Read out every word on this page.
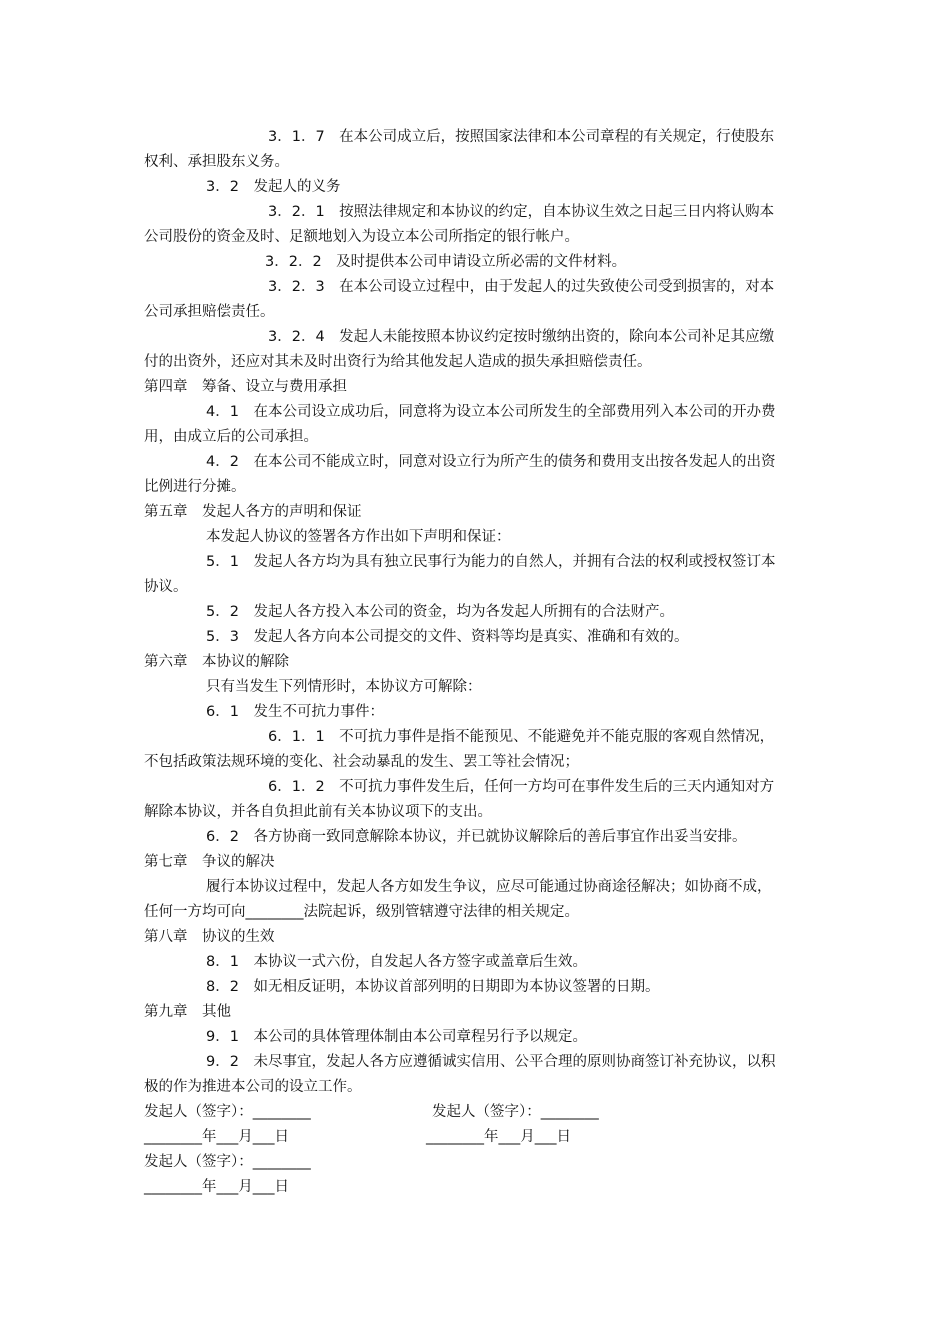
3．1．7　在本公司成立后，按照国家法律和本公司章程的有关规定，行使股东
权利、承担股东义务。
3．2　发起人的义务
3．2．1　按照法律规定和本协议的约定，自本协议生效之日起三日内将认购本
公司股份的资金及时、足额地划入为设立本公司所指定的银行帐户。
3．2．2　及时提供本公司申请设立所必需的文件材料。
3．2．3　在本公司设立过程中，由于发起人的过失致使公司受到损害的，对本
公司承担赔偿责任。
3．2．4　发起人未能按照本协议约定按时缴纳出资的，除向本公司补足其应缴
付的出资外，还应对其未及时出资行为给其他发起人造成的损失承担赔偿责任。
第四章　筹备、设立与费用承担
4．1　在本公司设立成功后，同意将为设立本公司所发生的全部费用列入本公司的开办费
用，由成立后的公司承担。
4．2　在本公司不能成立时，同意对设立行为所产生的债务和费用支出按各发起人的出资
比例进行分摊。
第五章　发起人各方的声明和保证
本发起人协议的签署各方作出如下声明和保证：
5．1　发起人各方均为具有独立民事行为能力的自然人，并拥有合法的权利或授权签订本
协议。
5．2　发起人各方投入本公司的资金，均为各发起人所拥有的合法财产。
5．3　发起人各方向本公司提交的文件、资料等均是真实、准确和有效的。
第六章　本协议的解除
只有当发生下列情形时，本协议方可解除：
6．1　发生不可抗力事件：
6．1．1　不可抗力事件是指不能预见、不能避免并不能克服的客观自然情况，
不包括政策法规环境的变化、社会动暴乱的发生、罢工等社会情况；
6．1．2　不可抗力事件发生后，任何一方均可在事件发生后的三天内通知对方
解除本协议，并各自负担此前有关本协议项下的支出。
6．2　各方协商一致同意解除本协议，并已就协议解除后的善后事宜作出妥当安排。
第七章　争议的解决
履行本协议过程中，发起人各方如发生争议，应尽可能通过协商途径解决；如协商不成，
任何一方均可向________法院起诉，级别管辖遵守法律的相关规定。
第八章　协议的生效
8．1　本协议一式六份，自发起人各方签字或盖章后生效。
8．2　如无相反证明，本协议首部列明的日期即为本协议签署的日期。
第九章　其他
9．1　本公司的具体管理体制由本公司章程另行予以规定。
9．2　未尽事宜，发起人各方应遵循诚实信用、公平合理的原则协商签订补充协议，以积
极的作为推进本公司的设立工作。
发起人（签字）：________	发起人（签字）：________
________年___月___日	________年___月___日
发起人（签字）：________
________年___月___日
